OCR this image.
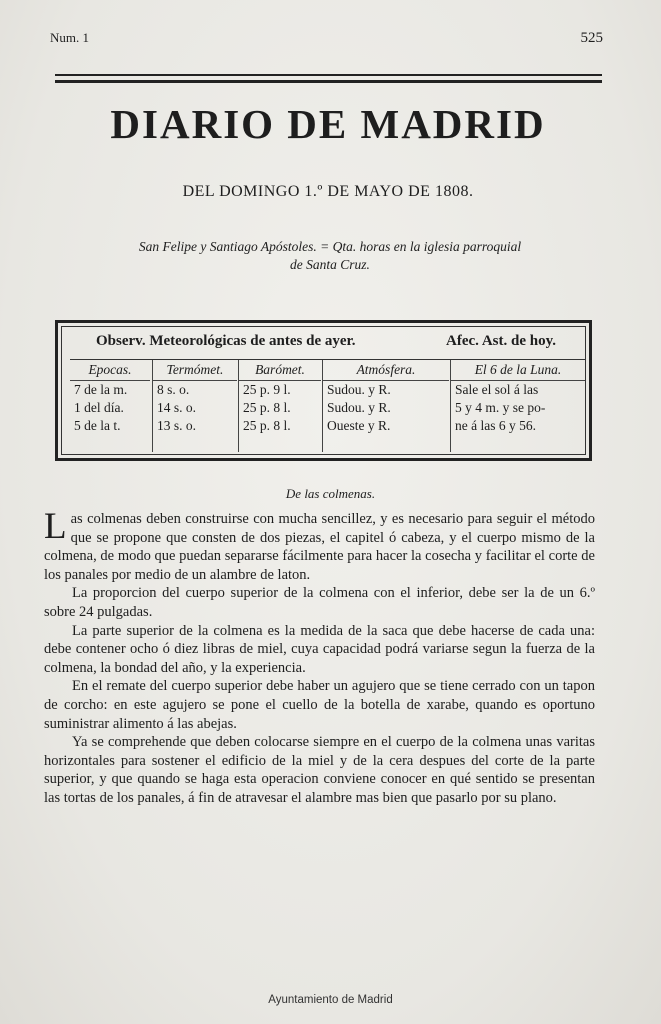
Num. 1	525
DIARIO DE MADRID
DEL DOMINGO 1.º DE MAYO DE 1808.
San Felipe y Santiago Apóstoles. = Qta. horas en la iglesia parroquial
de Santa Cruz.
Observ. Meteorológicas de antes de ayer.	Afec. Ast. de hoy.
Epocas.
7 de la m.
1 del día.
5 de la t.
Termómet.
8 s. o.
14 s. o.
13 s. o.
Barómet.
25 p. 9 l.
25 p. 8 l.
25 p. 8 l.
Atmósfera.
Sudou. y R.
Sudou. y R.
Oueste y R.
El 6 de la Luna.
Sale el sol á las
5 y 4 m. y se po-
ne á las 6 y 56.
De las colmenas.

Las colmenas deben construirse con mucha sencillez, y es necesario para seguir el método que se propone que consten de dos piezas, el capitel ó cabeza, y el cuerpo mismo de la colmena, de modo que puedan separarse fácilmente para hacer la cosecha y facilitar el corte de los panales por medio de un alambre de laton.

La proporcion del cuerpo superior de la colmena con el inferior, debe ser la de un 6.º sobre 24 pulgadas.

La parte superior de la colmena es la medida de la saca que debe hacerse de cada una: debe contener ocho ó diez libras de miel, cuya capacidad podrá variarse segun la fuerza de la colmena, la bondad del año, y la experiencia.

En el remate del cuerpo superior debe haber un agujero que se tiene cerrado con un tapon de corcho: en este agujero se pone el cuello de la botella de xarabe, quando es oportuno suministrar alimento á las abejas.

Ya se comprehende que deben colocarse siempre en el cuerpo de la colmena unas varitas horizontales para sostener el edificio de la miel y de la cera despues del corte de la parte superior, y que quando se haga esta operacion conviene conocer en qué sentido se presentan las tortas de los panales, á fin de atravesar el alambre mas bien que pasarlo por su plano.

Ayuntamiento de Madrid
